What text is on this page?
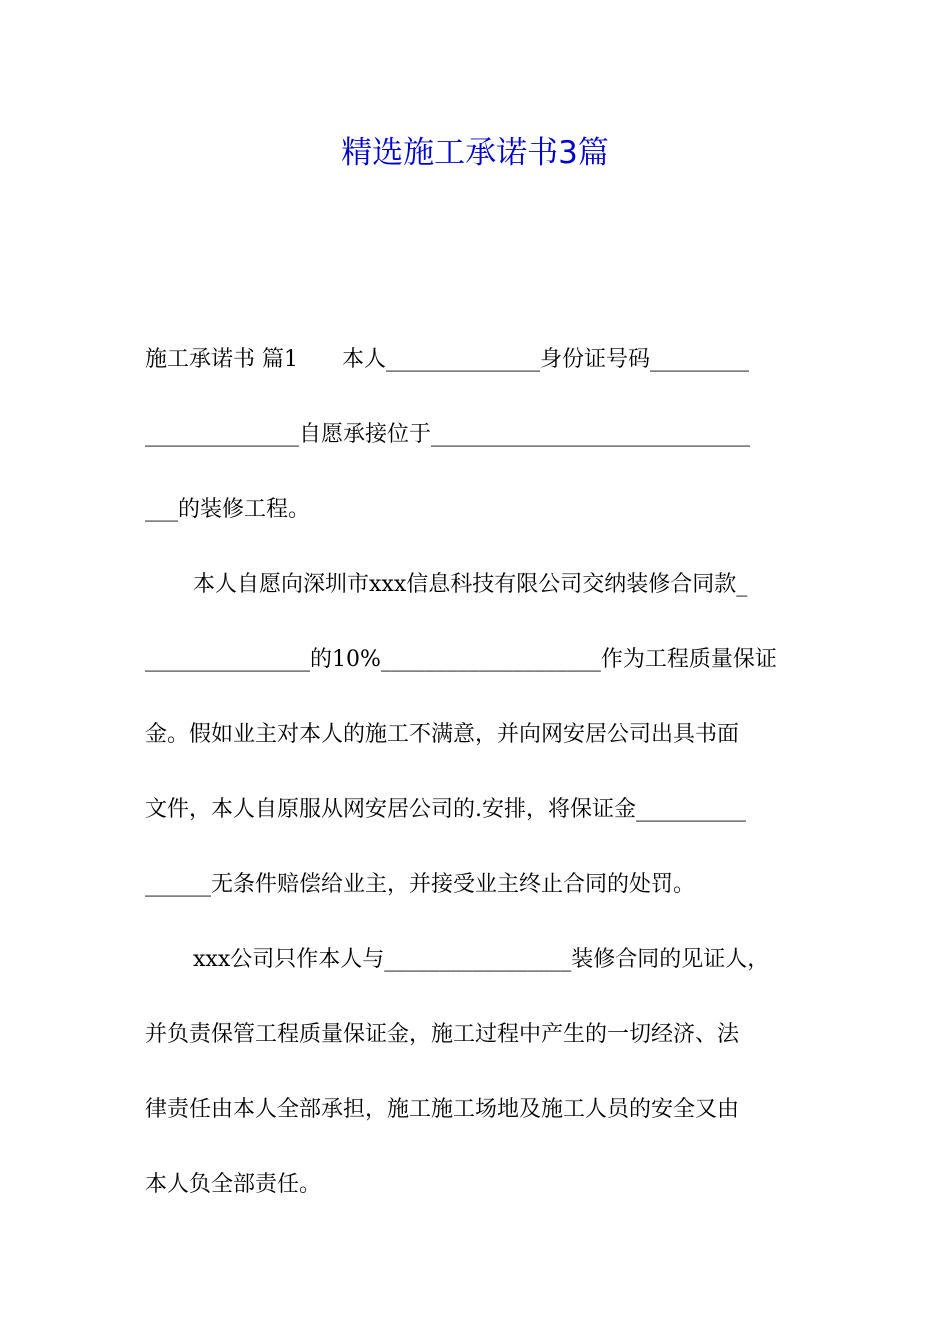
精选施工承诺书3篇
施工承诺书 篇1　　本人______________身份证号码_________
______________自愿承接位于_____________________________
___的装修工程。
本人自愿向深圳市xxx信息科技有限公司交纳装修合同款_
_______________的10%____________________作为工程质量保证
金。假如业主对本人的施工不满意，并向网安居公司出具书面
文件，本人自原服从网安居公司的.安排，将保证金__________
______无条件赔偿给业主，并接受业主终止合同的处罚。
xxx公司只作本人与_________________装修合同的见证人，
并负责保管工程质量保证金，施工过程中产生的一切经济、法
律责任由本人全部承担，施工施工场地及施工人员的安全又由
本人负全部责任。
